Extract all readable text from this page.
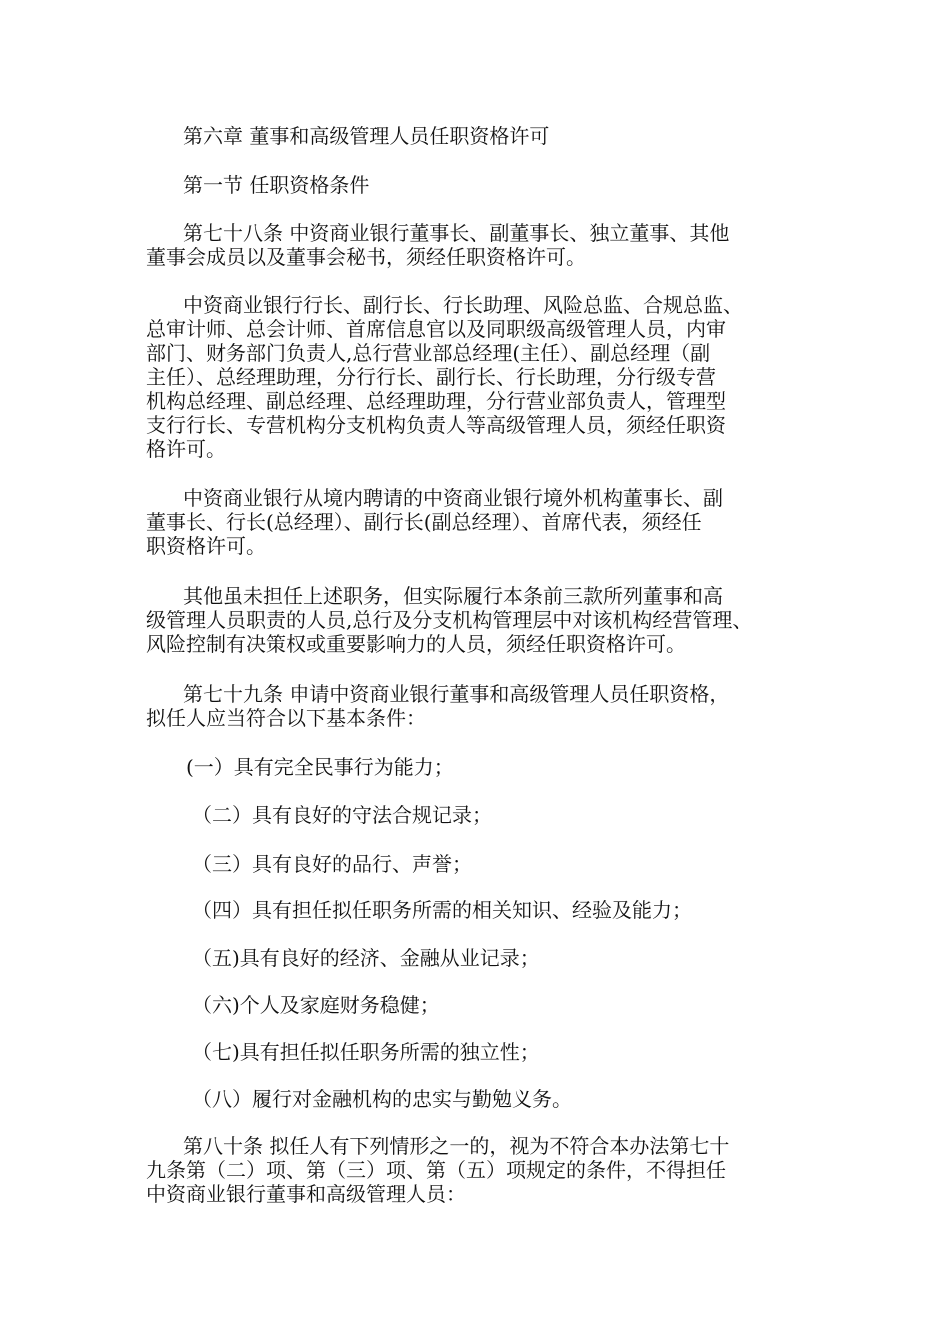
第六章 董事和高级管理人员任职资格许可

第一节 任职资格条件

第七十八条 中资商业银行董事长、副董事长、独立董事、其他
董事会成员以及董事会秘书，须经任职资格许可。

中资商业银行行长、副行长、行长助理、风险总监、合规总监、
总审计师、总会计师、首席信息官以及同职级高级管理人员，内审
部门、财务部门负责人,总行营业部总经理(主任）、副总经理（副
主任）、总经理助理，分行行长、副行长、行长助理，分行级专营
机构总经理、副总经理、总经理助理，分行营业部负责人，管理型
支行行长、专营机构分支机构负责人等高级管理人员，须经任职资
格许可。

中资商业银行从境内聘请的中资商业银行境外机构董事长、副
董事长、行长(总经理）、副行长(副总经理）、首席代表，须经任
职资格许可。

其他虽未担任上述职务，但实际履行本条前三款所列董事和高
级管理人员职责的人员,总行及分支机构管理层中对该机构经营管理、
风险控制有决策权或重要影响力的人员，须经任职资格许可。

第七十九条 申请中资商业银行董事和高级管理人员任职资格，
拟任人应当符合以下基本条件：

(一）具有完全民事行为能力；

（二）具有良好的守法合规记录；

（三）具有良好的品行、声誉；

（四）具有担任拟任职务所需的相关知识、经验及能力；

（五)具有良好的经济、金融从业记录；

（六)个人及家庭财务稳健；

（七)具有担任拟任职务所需的独立性；

（八）履行对金融机构的忠实与勤勉义务。

第八十条 拟任人有下列情形之一的，视为不符合本办法第七十
九条第（二）项、第（三）项、第（五）项规定的条件，不得担任
中资商业银行董事和高级管理人员：
